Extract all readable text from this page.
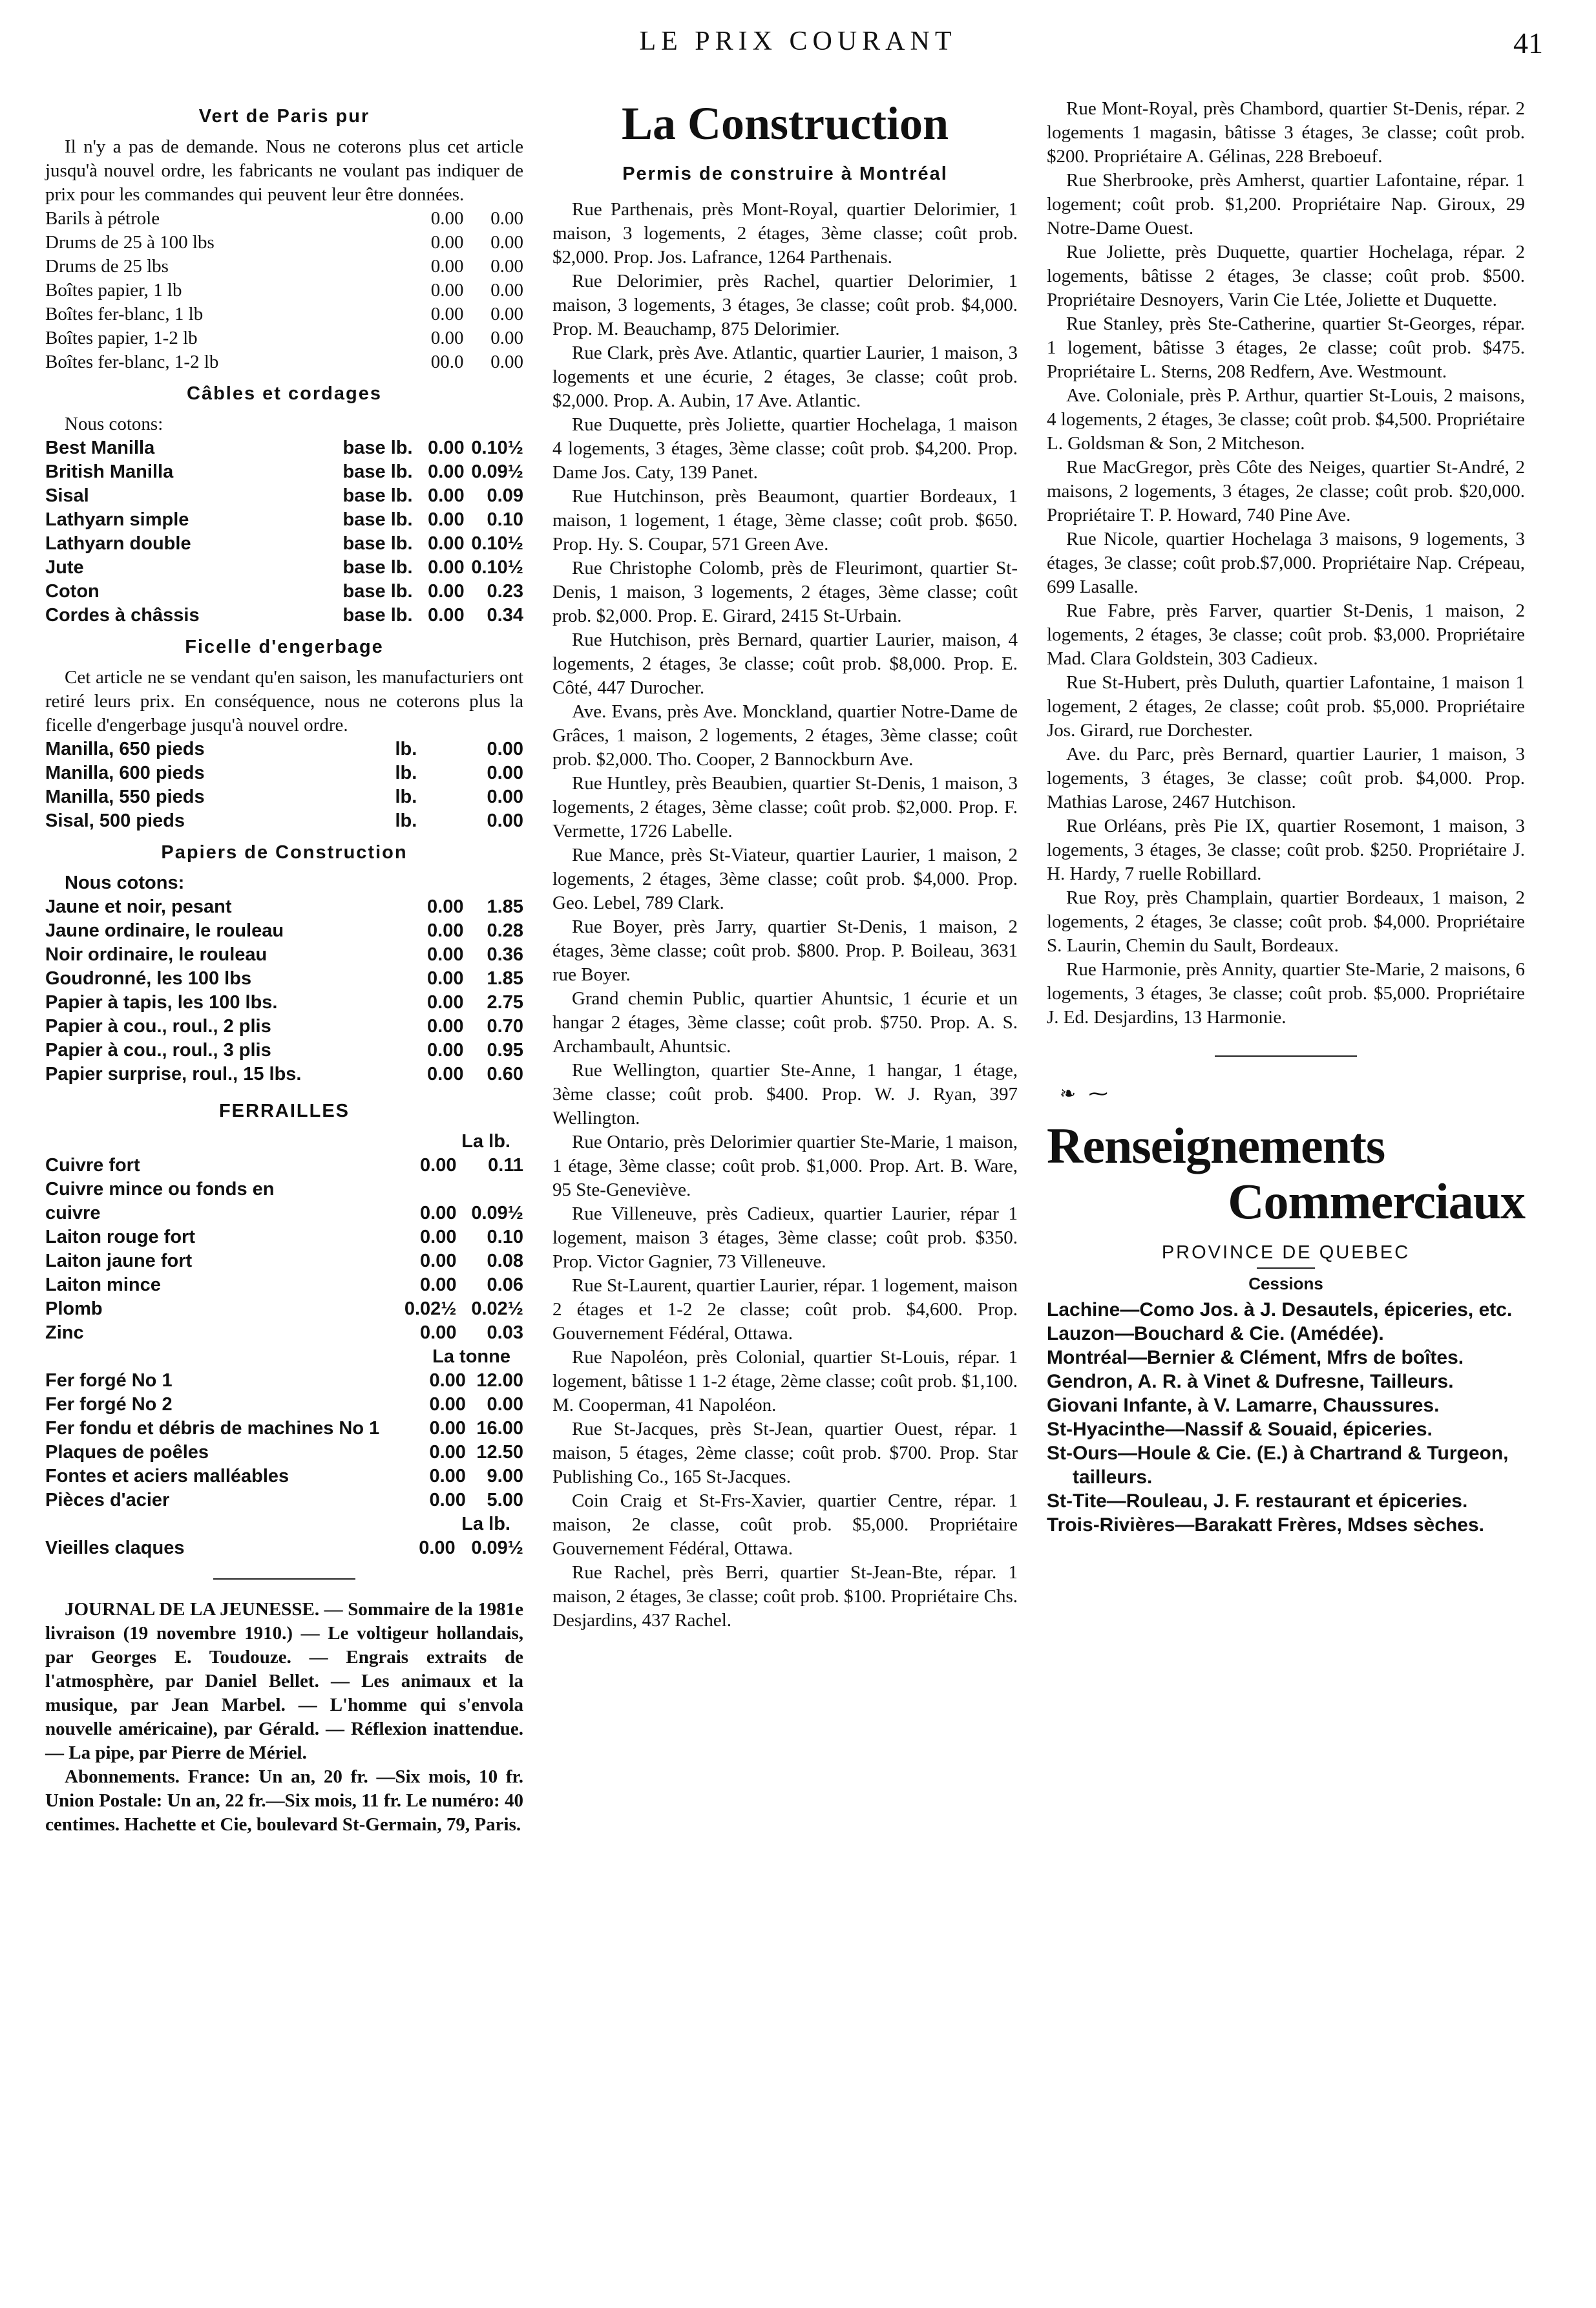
LE PRIX COURANT	41
Vert de Paris pur

Il n'y a pas de demande. Nous ne coterons plus cet article jusqu'à nouvel ordre, les fabricants ne voulant pas indiquer de prix pour les commandes qui peuvent leur être données.

Barils à pétrole	0.00	0.00
Drums de 25 à 100 lbs	0.00	0.00
Drums de 25 lbs	0.00	0.00
Boîtes papier, 1 lb	0.00	0.00
Boîtes fer-blanc, 1 lb	0.00	0.00
Boîtes papier, 1-2 lb	0.00	0.00
Boîtes fer-blanc, 1-2 lb	00.0	0.00
Câbles et cordages

Nous cotons:

Best Manilla	base lb.	0.00	0.10½
British Manilla	base lb.	0.00	0.09½
Sisal	base lb.	0.00	0.09
Lathyarn simple	base lb.	0.00	0.10
Lathyarn double	base lb.	0.00	0.10½
Jute	base lb.	0.00	0.10½
Coton	base lb.	0.00	0.23
Cordes à châssis	base lb.	0.00	0.34
Ficelle d'engerbage

Cet article ne se vendant qu'en saison, les manufacturiers ont retiré leurs prix. En conséquence, nous ne coterons plus la ficelle d'engerbage jusqu'à nouvel ordre.

Manilla, 650 pieds	lb.	0.00
Manilla, 600 pieds	lb.	0.00
Manilla, 550 pieds	lb.	0.00
Sisal, 500 pieds	lb.	0.00
Papiers de Construction

Nous cotons:

Jaune et noir, pesant	0.00	1.85
Jaune ordinaire, le rouleau	0.00	0.28
Noir ordinaire, le rouleau	0.00	0.36
Goudronné, les 100 lbs	0.00	1.85
Papier à tapis, les 100 lbs.	0.00	2.75
Papier à cou., roul., 2 plis	0.00	0.70
Papier à cou., roul., 3 plis	0.00	0.95
Papier surprise, roul., 15 lbs.	0.00	0.60
FERRAILLES
La lb.
Cuivre fort	0.00	0.11
Cuivre mince ou fonds en		
cuivre	0.00	0.09½
Laiton rouge fort	0.00	0.10
Laiton jaune fort	0.00	0.08
Laiton mince	0.00	0.06
Plomb	0.02½	0.02½
Zinc	0.00	0.03
La tonne
Fer forgé No 1	0.00	12.00
Fer forgé No 2	0.00	0.00
Fer fondu et débris de machines No 1	0.00	16.00
Plaques de poêles	0.00	12.50
Fontes et aciers malléables	0.00	9.00
Pièces d'acier	0.00	5.00
La lb.
Vieilles claques	0.00	0.09½

JOURNAL DE LA JEUNESSE. — Sommaire de la 1981e livraison (19 novembre 1910.) — Le voltigeur hollandais, par Georges E. Toudouze. — Engrais extraits de l'atmosphère, par Daniel Bellet. — Les animaux et la musique, par Jean Marbel. — L'homme qui s'envola nouvelle américaine), par Gérald. — Réflexion inattendue. — La pipe, par Pierre de Mériel.

Abonnements. France: Un an, 20 fr. —Six mois, 10 fr. Union Postale: Un an, 22 fr.—Six mois, 11 fr. Le numéro: 40 centimes. Hachette et Cie, boulevard St-Germain, 79, Paris.

La Construction
Permis de construire à Montréal

Rue Parthenais, près Mont-Royal, quartier Delorimier, 1 maison, 3 logements, 2 étages, 3ème classe; coût prob. $2,000. Prop. Jos. Lafrance, 1264 Parthenais.

Rue Delorimier, près Rachel, quartier Delorimier, 1 maison, 3 logements, 3 étages, 3e classe; coût prob. $4,000. Prop. M. Beauchamp, 875 Delorimier.

Rue Clark, près Ave. Atlantic, quartier Laurier, 1 maison, 3 logements et une écurie, 2 étages, 3e classe; coût prob. $2,000. Prop. A. Aubin, 17 Ave. Atlantic.

Rue Duquette, près Joliette, quartier Hochelaga, 1 maison 4 logements, 3 étages, 3ème classe; coût prob. $4,200. Prop. Dame Jos. Caty, 139 Panet.

Rue Hutchinson, près Beaumont, quartier Bordeaux, 1 maison, 1 logement, 1 étage, 3ème classe; coût prob. $650. Prop. Hy. S. Coupar, 571 Green Ave.

Rue Christophe Colomb, près de Fleurimont, quartier St-Denis, 1 maison, 3 logements, 2 étages, 3ème classe; coût prob. $2,000. Prop. E. Girard, 2415 St-Urbain.

Rue Hutchison, près Bernard, quartier Laurier, maison, 4 logements, 2 étages, 3e classe; coût prob. $8,000. Prop. E. Côté, 447 Durocher.

Ave. Evans, près Ave. Monckland, quartier Notre-Dame de Grâces, 1 maison, 2 logements, 2 étages, 3ème classe; coût prob. $2,000. Tho. Cooper, 2 Bannockburn Ave.

Rue Huntley, près Beaubien, quartier St-Denis, 1 maison, 3 logements, 2 étages, 3ème classe; coût prob. $2,000. Prop. F. Vermette, 1726 Labelle.

Rue Mance, près St-Viateur, quartier Laurier, 1 maison, 2 logements, 2 étages, 3ème classe; coût prob. $4,000. Prop. Geo. Lebel, 789 Clark.

Rue Boyer, près Jarry, quartier St-Denis, 1 maison, 2 étages, 3ème classe; coût prob. $800. Prop. P. Boileau, 3631 rue Boyer.

Grand chemin Public, quartier Ahuntsic, 1 écurie et un hangar 2 étages, 3ème classe; coût prob. $750. Prop. A. S. Archambault, Ahuntsic.

Rue Wellington, quartier Ste-Anne, 1 hangar, 1 étage, 3ème classe; coût prob. $400. Prop. W. J. Ryan, 397 Wellington.

Rue Ontario, près Delorimier quartier Ste-Marie, 1 maison, 1 étage, 3ème classe; coût prob. $1,000. Prop. Art. B. Ware, 95 Ste-Geneviève.

Rue Villeneuve, près Cadieux, quartier Laurier, répar 1 logement, maison 3 étages, 3ème classe; coût prob. $350. Prop. Victor Gagnier, 73 Villeneuve.

Rue St-Laurent, quartier Laurier, répar. 1 logement, maison 2 étages et 1-2 2e classe; coût prob. $4,600. Prop. Gouvernement Fédéral, Ottawa.

Rue Napoléon, près Colonial, quartier St-Louis, répar. 1 logement, bâtisse 1 1-2 étage, 2ème classe; coût prob. $1,100. M. Cooperman, 41 Napoléon.

Rue St-Jacques, près St-Jean, quartier Ouest, répar. 1 maison, 5 étages, 2ème classe; coût prob. $700. Prop. Star Publishing Co., 165 St-Jacques.

Coin Craig et St-Frs-Xavier, quartier Centre, répar. 1 maison, 2e classe, coût prob. $5,000. Propriétaire Gouvernement Fédéral, Ottawa.

Rue Rachel, près Berri, quartier St-Jean-Bte, répar. 1 maison, 2 étages, 3e classe; coût prob. $100. Propriétaire Chs. Desjardins, 437 Rachel.

Rue Mont-Royal, près Chambord, quartier St-Denis, répar. 2 logements 1 magasin, bâtisse 3 étages, 3e classe; coût prob. $200. Propriétaire A. Gélinas, 228 Breboeuf.

Rue Sherbrooke, près Amherst, quartier Lafontaine, répar. 1 logement; coût prob. $1,200. Propriétaire Nap. Giroux, 29 Notre-Dame Ouest.

Rue Joliette, près Duquette, quartier Hochelaga, répar. 2 logements, bâtisse 2 étages, 3e classe; coût prob. $500. Propriétaire Desnoyers, Varin Cie Ltée, Joliette et Duquette.

Rue Stanley, près Ste-Catherine, quartier St-Georges, répar. 1 logement, bâtisse 3 étages, 2e classe; coût prob. $475. Propriétaire L. Sterns, 208 Redfern, Ave. Westmount.

Ave. Coloniale, près P. Arthur, quartier St-Louis, 2 maisons, 4 logements, 2 étages, 3e classe; coût prob. $4,500. Propriétaire L. Goldsman & Son, 2 Mitcheson.

Rue MacGregor, près Côte des Neiges, quartier St-André, 2 maisons, 2 logements, 3 étages, 2e classe; coût prob. $20,000. Propriétaire T. P. Howard, 740 Pine Ave.

Rue Nicole, quartier Hochelaga 3 maisons, 9 logements, 3 étages, 3e classe; coût prob.$7,000. Propriétaire Nap. Crépeau, 699 Lasalle.

Rue Fabre, près Farver, quartier St-Denis, 1 maison, 2 logements, 2 étages, 3e classe; coût prob. $3,000. Propriétaire Mad. Clara Goldstein, 303 Cadieux.

Rue St-Hubert, près Duluth, quartier Lafontaine, 1 maison 1 logement, 2 étages, 2e classe; coût prob. $5,000. Propriétaire Jos. Girard, rue Dorchester.

Ave. du Parc, près Bernard, quartier Laurier, 1 maison, 3 logements, 3 étages, 3e classe; coût prob. $4,000. Prop. Mathias Larose, 2467 Hutchison.

Rue Orléans, près Pie IX, quartier Rosemont, 1 maison, 3 logements, 3 étages, 3e classe; coût prob. $250. Propriétaire J. H. Hardy, 7 ruelle Robillard.

Rue Roy, près Champlain, quartier Bordeaux, 1 maison, 2 logements, 2 étages, 3e classe; coût prob. $4,000. Propriétaire S. Laurin, Chemin du Sault, Bordeaux.

Rue Harmonie, près Annity, quartier Ste-Marie, 2 maisons, 6 logements, 3 étages, 3e classe; coût prob. $5,000. Propriétaire J. Ed. Desjardins, 13 Harmonie.

❧ ⁓
Renseignements
Commerciaux
PROVINCE DE QUEBEC
Cessions

Lachine—Como Jos. à J. Desautels, épiceries, etc.

Lauzon—Bouchard & Cie. (Amédée).

Montréal—Bernier & Clément, Mfrs de boîtes.

Gendron, A. R. à Vinet & Dufresne, Tailleurs.

Giovani Infante, à V. Lamarre, Chaussures.

St-Hyacinthe—Nassif & Souaid, épiceries.

St-Ours—Houle & Cie. (E.) à Chartrand & Turgeon, tailleurs.

St-Tite—Rouleau, J. F. restaurant et épiceries.

Trois-Rivières—Barakatt Frères, Mdses sèches.
